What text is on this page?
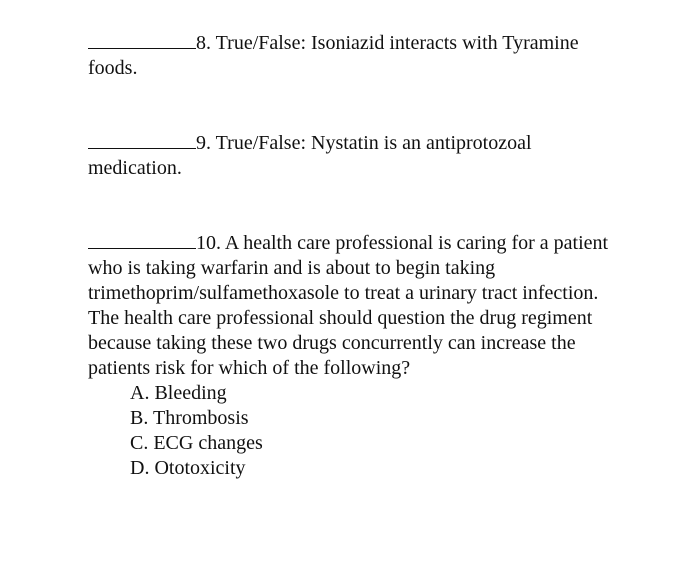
8. True/False: Isoniazid interacts with Tyramine
foods.
9. True/False: Nystatin is an antiprotozoal
medication.
10. A health care professional is caring for a patient
who is taking warfarin and is about to begin taking
trimethoprim/sulfamethoxasole to treat a urinary tract infection.
The health care professional should question the drug regiment
because taking these two drugs concurrently can increase the
patients risk for which of the following?
A. Bleeding
B. Thrombosis
C. ECG changes
D. Ototoxicity
